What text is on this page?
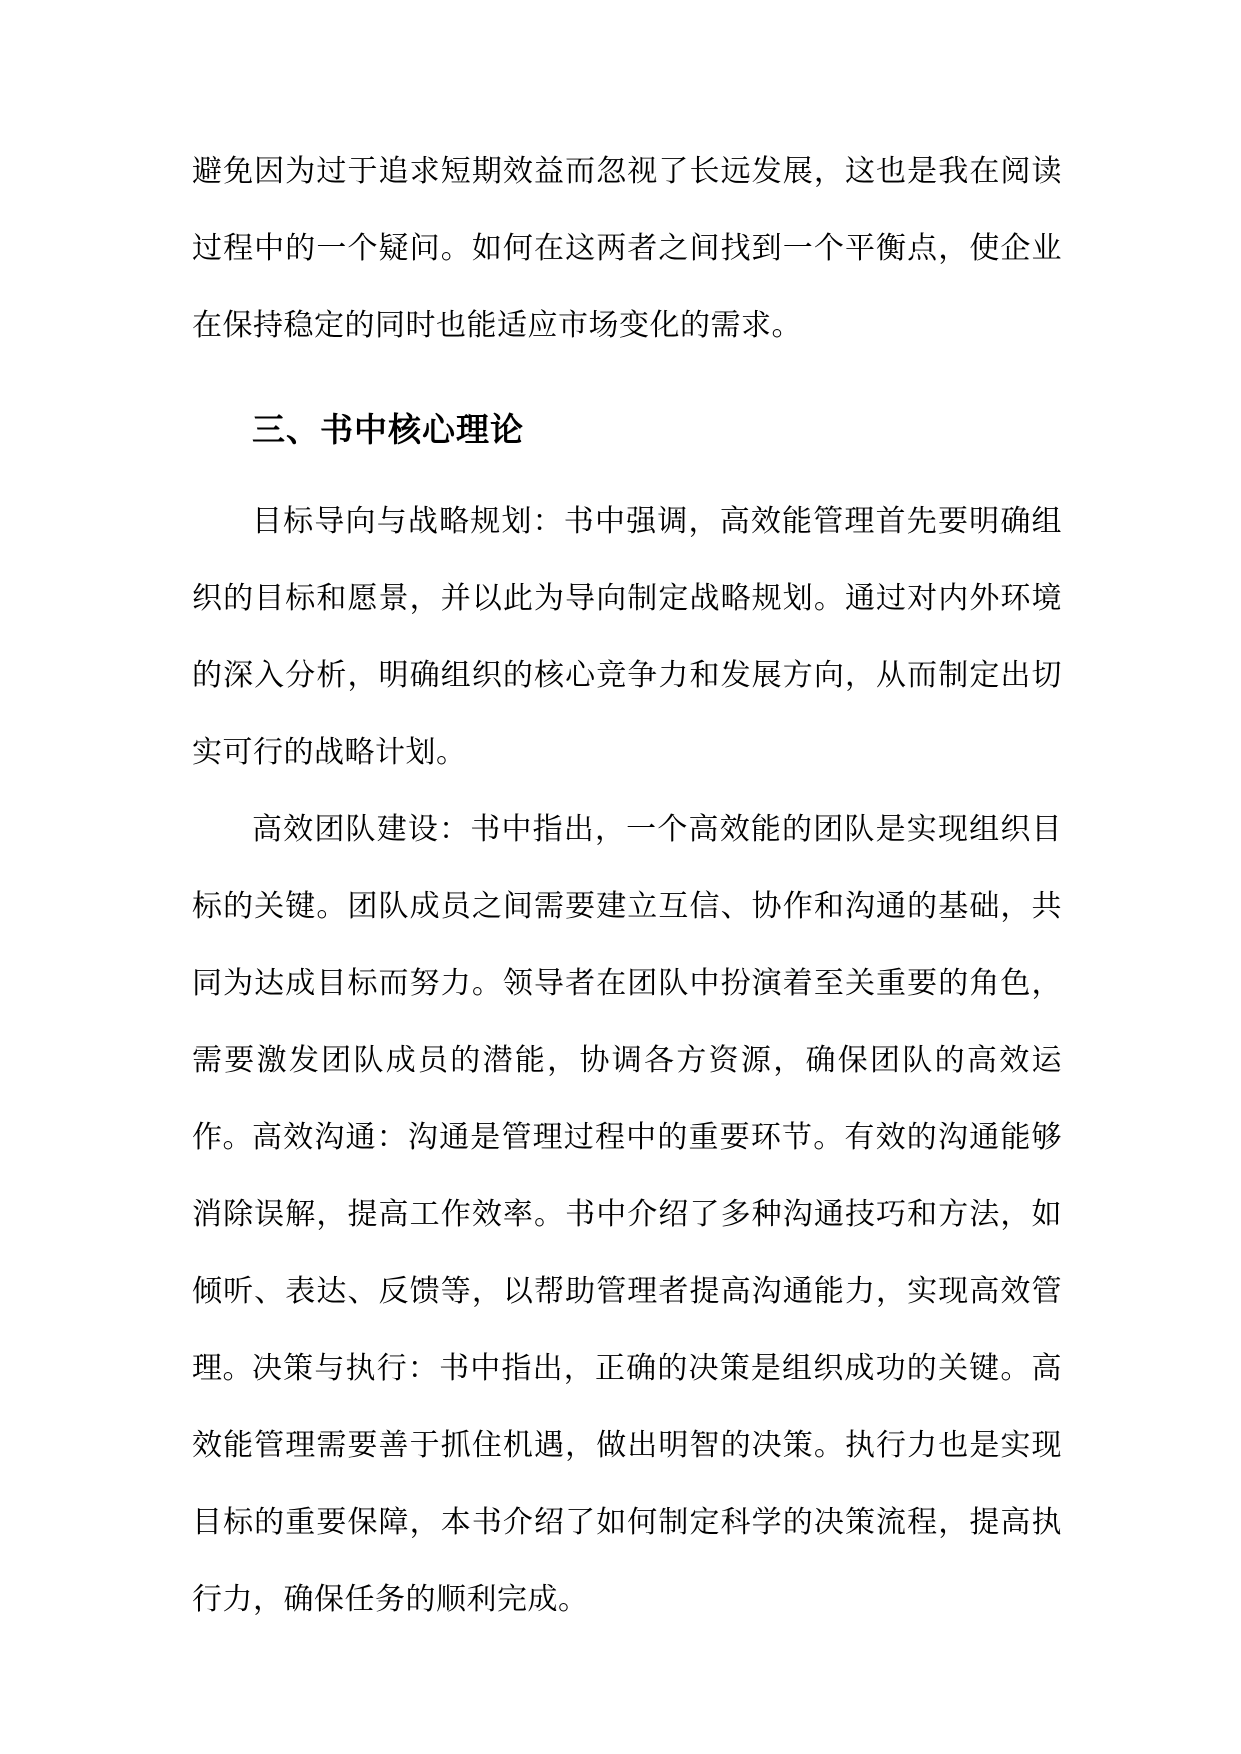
避免因为过于追求短期效益而忽视了长远发展，这也是我在阅读过程中的一个疑问。如何在这两者之间找到一个平衡点，使企业在保持稳定的同时也能适应市场变化的需求。

三、书中核心理论

目标导向与战略规划：书中强调，高效能管理首先要明确组织的目标和愿景，并以此为导向制定战略规划。通过对内外环境的深入分析，明确组织的核心竞争力和发展方向，从而制定出切实可行的战略计划。

高效团队建设：书中指出，一个高效能的团队是实现组织目标的关键。团队成员之间需要建立互信、协作和沟通的基础，共同为达成目标而努力。领导者在团队中扮演着至关重要的角色，需要激发团队成员的潜能，协调各方资源，确保团队的高效运作。 高效沟通：沟通是管理过程中的重要环节。有效的沟通能够消除误解，提高工作效率。书中介绍了多种沟通技巧和方法，如倾听、表达、反馈等，以帮助管理者提高沟通能力，实现高效管理。 决策与执行：书中指出，正确的决策是组织成功的关键。高效能管理需要善于抓住机遇，做出明智的决策。执行力也是实现目标的重要保障，本书介绍了如何制定科学的决策流程，提高执行力，确保任务的顺利完成。
